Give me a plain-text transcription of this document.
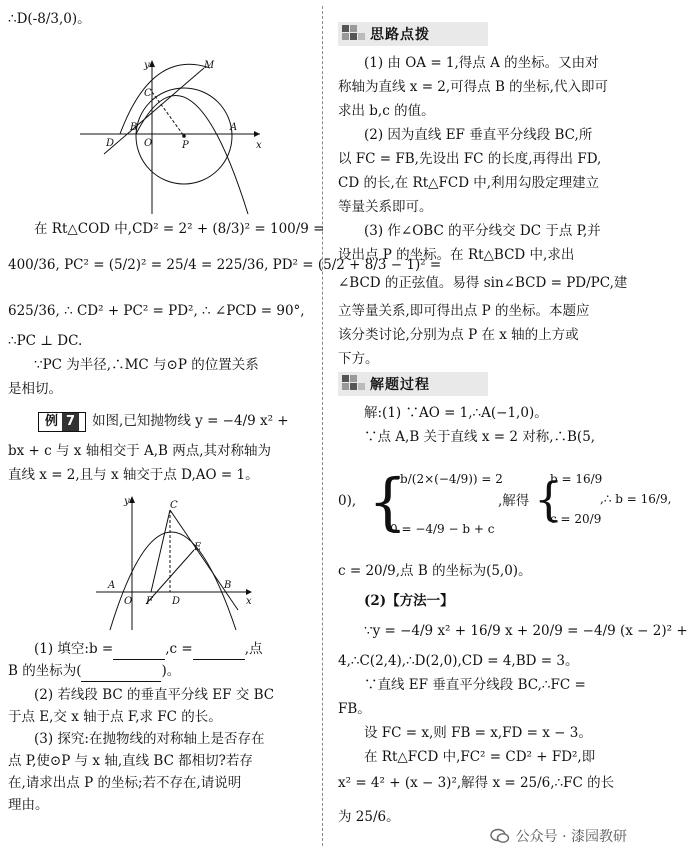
∴D(-8/3,0)。

y	M
C
B
O	P
A
D	x

在 Rt△COD 中,CD² = 2² + (8/3)² = 100/9 =

400/36, PC² = (5/2)² = 25/4 = 225/36, PD² = (5/2 + 8/3 − 1)² =

625/36, ∴ CD² + PC² = PD², ∴ ∠PCD = 90°,

∴PC ⊥ DC.

∵PC 为半径,∴MC 与⊙P 的位置关系

是相切。

例 7 如图,已知抛物线 y = −4/9 x² +

bx + c 与 x 轴相交于 A,B 两点,其对称轴为

直线 x = 2,且与 x 轴交于点 D,AO = 1。

y	C
E
A
O F D
B
x

(1) 填空:b =	,c =	,点

B 的坐标为(	)。

(2) 若线段 BC 的垂直平分线 EF 交 BC

于点 E,交 x 轴于点 F,求 FC 的长。

(3) 探究:在抛物线的对称轴上是否存在

点 P,使⊙P 与 x 轴,直线 BC 都相切?若存

在,请求出点 P 的坐标;若不存在,请说明

理由。

思路点拨

(1) 由 OA = 1,得点 A 的坐标。又由对

称轴为直线 x = 2,可得点 B 的坐标,代入即可

求出 b,c 的值。

(2) 因为直线 EF 垂直平分线段 BC,所

以 FC = FB,先设出 FC 的长度,再得出 FD,

CD 的长,在 Rt△FCD 中,利用勾股定理建立

等量关系即可。

(3) 作∠OBC 的平分线交 DC 于点 P,并

设出点 P 的坐标。在 Rt△BCD 中,求出

∠BCD 的正弦值。易得 sin∠BCD = PD/PC,建

立等量关系,即可得出点 P 的坐标。本题应

该分类讨论,分别为点 P 在 x 轴的上方或

下方。

解题过程

解:(1) ∵AO = 1,∴A(−1,0)。

∵点 A,B 关于直线 x = 2 对称,∴B(5,

0), {
−b/(2×(−4/9)) = 2
0 = −4/9 − b + c
,解得 {
b = 16/9
c = 20/9
,∴ b = 16/9,

c = 20/9,点 B 的坐标为(5,0)。

(2)【方法一】

∵y = −4/9 x² + 16/9 x + 20/9 = −4/9 (x − 2)² +

4,∴C(2,4),∴D(2,0),CD = 4,BD = 3。

∵直线 EF 垂直平分线段 BC,∴FC =

FB。

设 FC = x,则 FB = x,FD = x − 3。

在 Rt△FCD 中,FC² = CD² + FD²,即

x² = 4² + (x − 3)²,解得 x = 25/6,∴FC 的长

为 25/6。

公众号 · 漆园教研
